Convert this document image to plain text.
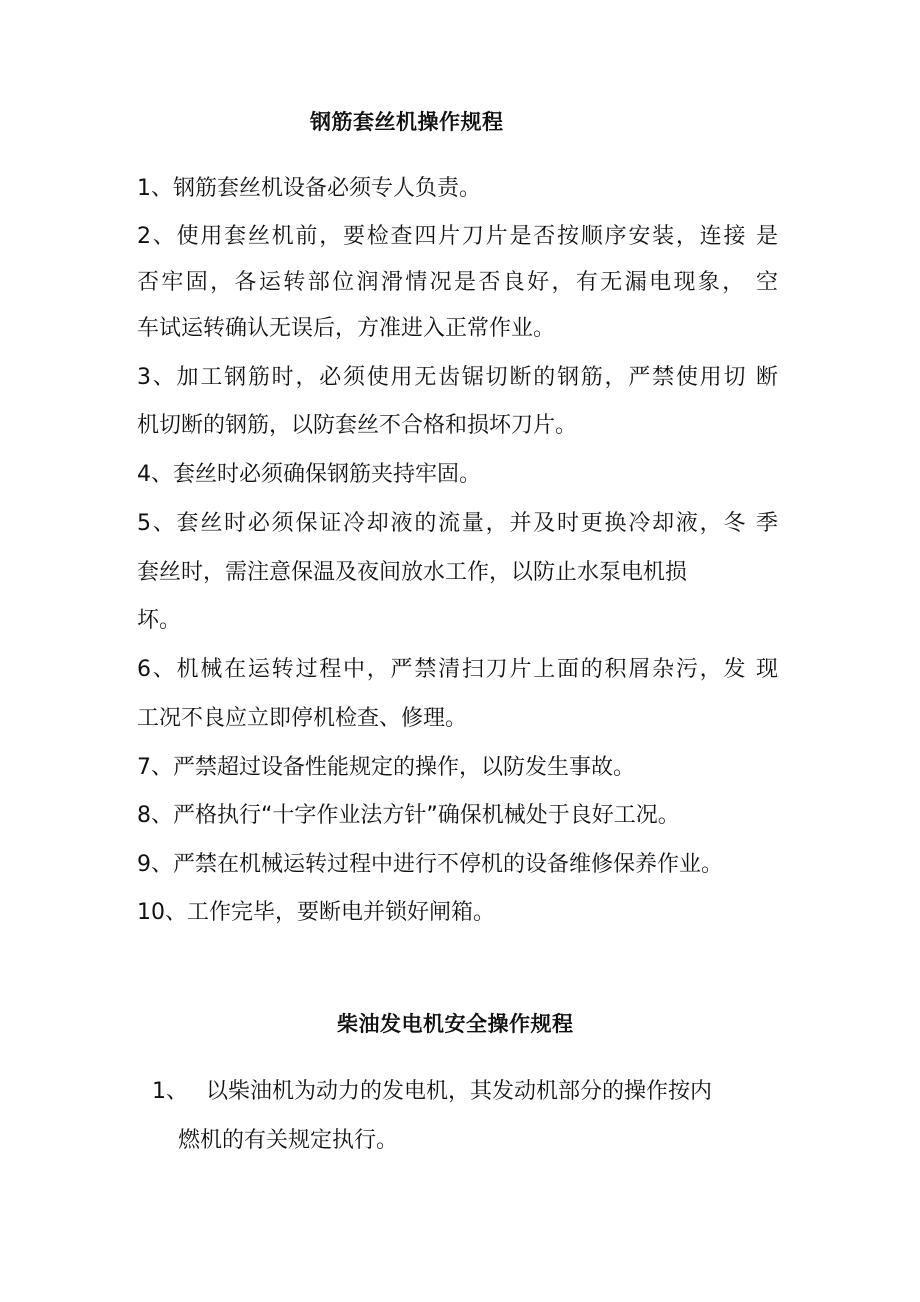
钢筋套丝机操作规程
1、钢筋套丝机设备必须专人负责。
2、使用套丝机前，要检查四片刀片是否按顺序安装，连接 是
否牢固，各运转部位润滑情况是否良好，有无漏电现象， 空
车试运转确认无误后，方准进入正常作业。
3、加工钢筋时，必须使用无齿锯切断的钢筋，严禁使用切 断
机切断的钢筋，以防套丝不合格和损坏刀片。
4、套丝时必须确保钢筋夹持牢固。
5、套丝时必须保证冷却液的流量，并及时更换冷却液，冬 季
套丝时，需注意保温及夜间放水工作，以防止水泵电机损
坏。
6、机械在运转过程中，严禁清扫刀片上面的积屑杂污，发 现
工况不良应立即停机检查、修理。
7、严禁超过设备性能规定的操作，以防发生事故。
8、严格执行“十字作业法方针”确保机械处于良好工况。
9、严禁在机械运转过程中进行不停机的设备维修保养作业。
10、工作完毕，要断电并锁好闸箱。
柴油发电机安全操作规程
1、 以柴油机为动力的发电机，其发动机部分的操作按内
燃机的有关规定执行。
